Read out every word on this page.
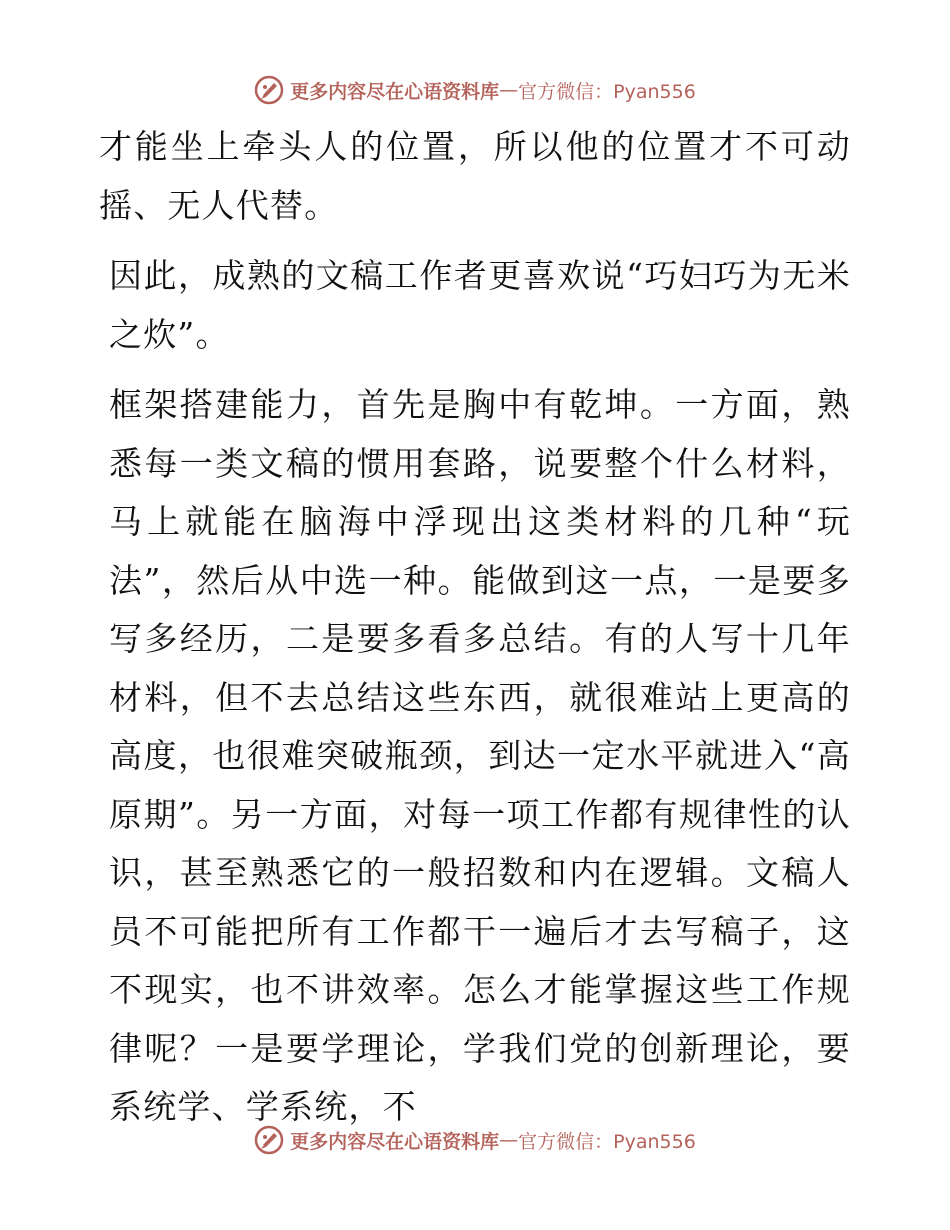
更多内容尽在心语资料库 — 官方微信：Pyan556

才能坐上牵头人的位置，所以他的位置才不可动摇、无人代替。

因此，成熟的文稿工作者更喜欢说“巧妇巧为无米之炊”。

框架搭建能力，首先是胸中有乾坤。一方面，熟悉每一类文稿的惯用套路，说要整个什么材料，马上就能在脑海中浮现出这类材料的几种“玩法”，然后从中选一种。能做到这一点，一是要多写多经历，二是要多看多总结。有的人写十几年材料，但不去总结这些东西，就很难站上更高的高度，也很难突破瓶颈，到达一定水平就进入“高原期”。另一方面，对每一项工作都有规律性的认识，甚至熟悉它的一般招数和内在逻辑。文稿人员不可能把所有工作都干一遍后才去写稿子，这不现实，也不讲效率。怎么才能掌握这些工作规律呢？一是要学理论，学我们党的创新理论，要系统学、学系统，不

更多内容尽在心语资料库 — 官方微信：Pyan556
